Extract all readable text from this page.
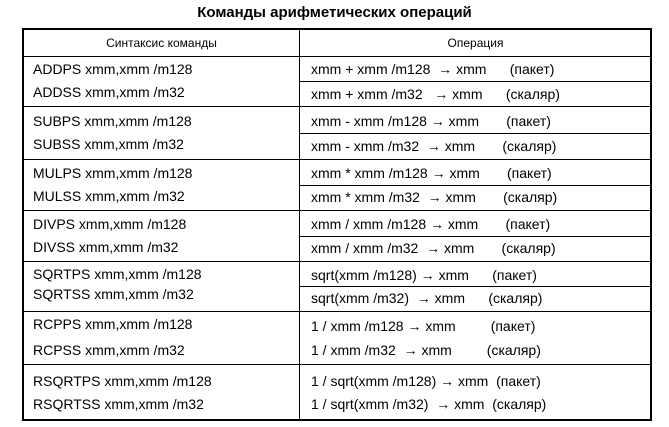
Команды арифметических операций
Синтаксис команды	Операция
ADDPS xmm,xmm /m128	xmm + xmm /m128  → xmm      (пакет)
ADDSS xmm,xmm /m32	xmm + xmm /m32   → xmm      (скаляр)
SUBPS xmm,xmm /m128	xmm - xmm /m128 → xmm       (пакет)
SUBSS xmm,xmm /m32	xmm - xmm /m32  → xmm       (скаляр)
MULPS xmm,xmm /m128	xmm * xmm /m128 → xmm       (пакет)
MULSS xmm,xmm /m32	xmm * xmm /m32  → xmm       (скаляр)
DIVPS xmm,xmm /m128	xmm / xmm /m128 → xmm       (пакет)
DIVSS xmm,xmm /m32	xmm / xmm /m32  → xmm       (скаляр)
SQRTPS xmm,xmm /m128	sqrt(xmm /m128) → xmm      (пакет)
SQRTSS xmm,xmm /m32	sqrt(xmm /m32)  → xmm      (скаляр)
RCPPS xmm,xmm /m128	1 / xmm /m128 → xmm         (пакет)
RCPSS xmm,xmm /m32	1 / xmm /m32  → xmm         (скаляр)
RSQRTPS xmm,xmm /m128	1 / sqrt(xmm /m128) → xmm  (пакет)
RSQRTSS xmm,xmm /m32	1 / sqrt(xmm /m32)  → xmm  (скаляр)
